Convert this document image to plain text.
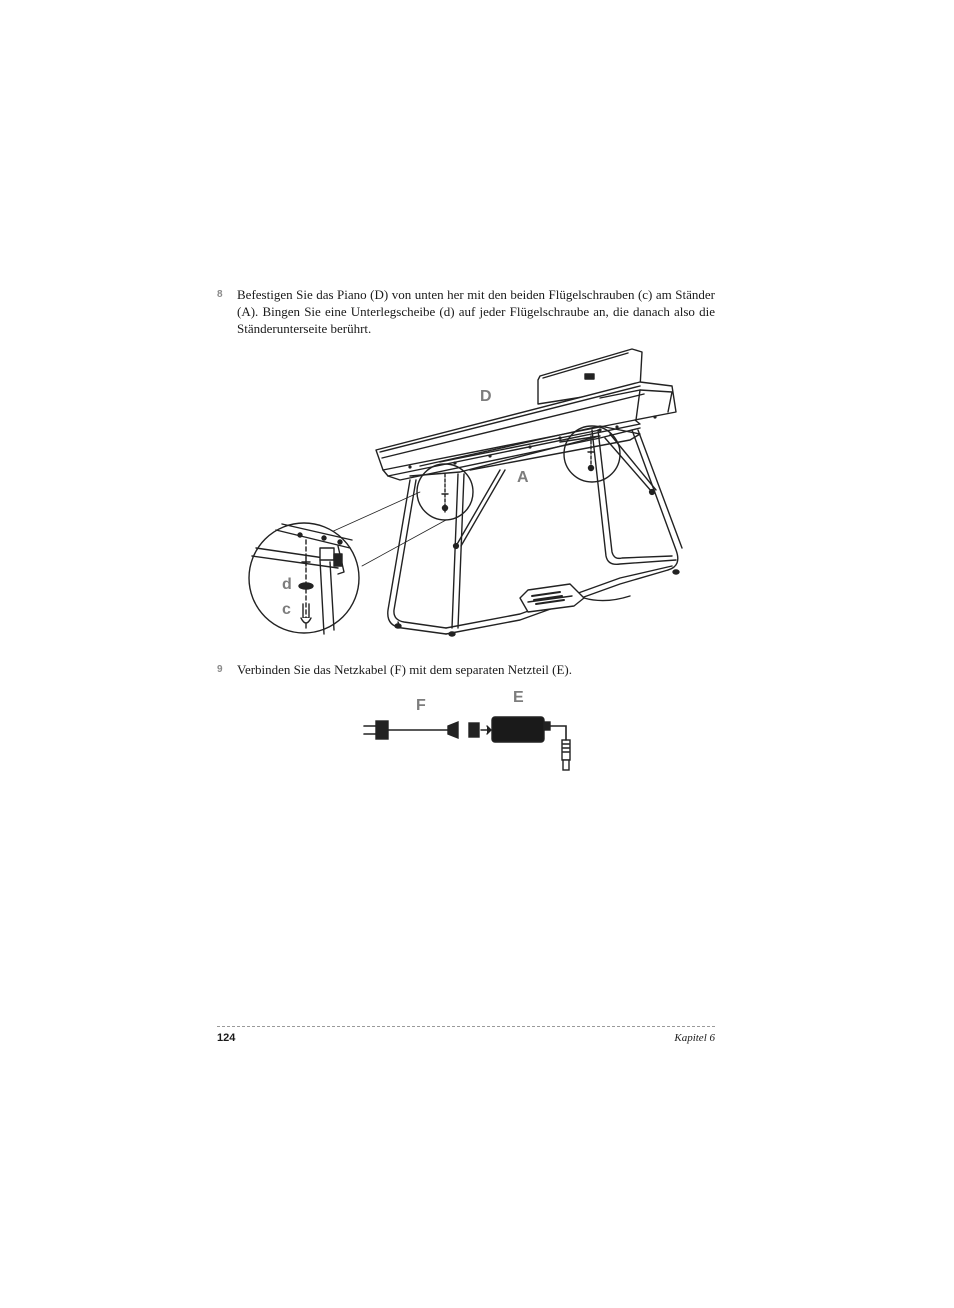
8 Befestigen Sie das Piano (D) von unten her mit den beiden Flügelschrauben (c) am Ständer (A). Bingen Sie eine Unterlegscheibe (d) auf jeder Flügelschraube an, die danach also die Ständerunterseite berührt.
D
A
d
c
9 Verbinden Sie das Netzkabel (F) mit dem separaten Netzteil (E).
F	E
124	Kapitel 6
